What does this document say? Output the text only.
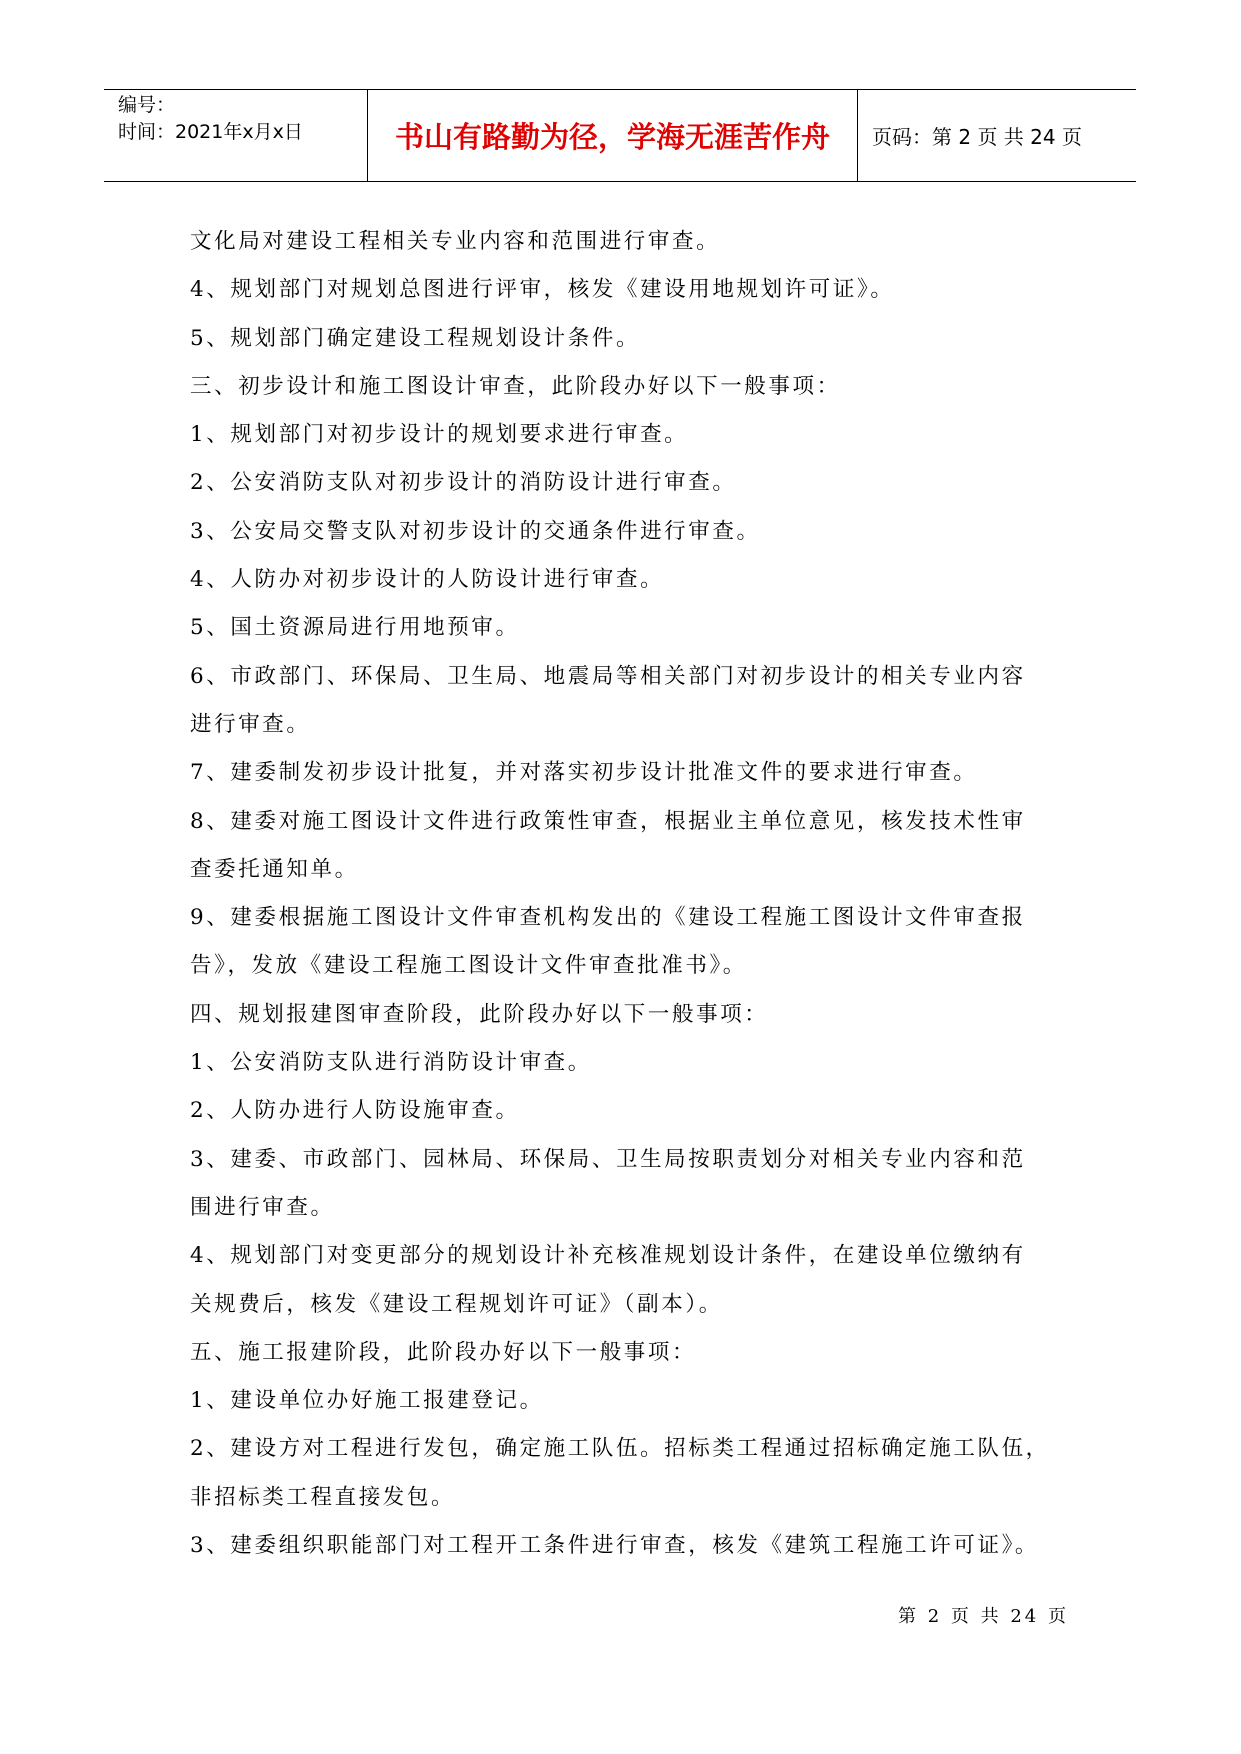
编号：
时间：2021年x月x日	书山有路勤为径，学海无涯苦作舟 页码：第 2 页 共 24 页

文化局对建设工程相关专业内容和范围进行审查。

4、规划部门对规划总图进行评审，核发《建设用地规划许可证》。

5、规划部门确定建设工程规划设计条件。

三、初步设计和施工图设计审查，此阶段办好以下一般事项：

1、规划部门对初步设计的规划要求进行审查。

2、公安消防支队对初步设计的消防设计进行审查。

3、公安局交警支队对初步设计的交通条件进行审查。

4、人防办对初步设计的人防设计进行审查。

5、国土资源局进行用地预审。

6、市政部门、环保局、卫生局、地震局等相关部门对初步设计的相关专业内容

进行审查。

7、建委制发初步设计批复，并对落实初步设计批准文件的要求进行审查。

8、建委对施工图设计文件进行政策性审查，根据业主单位意见，核发技术性审

查委托通知单。

9、建委根据施工图设计文件审查机构发出的《建设工程施工图设计文件审查报

告》，发放《建设工程施工图设计文件审查批准书》。

四、规划报建图审查阶段，此阶段办好以下一般事项：

1、公安消防支队进行消防设计审查。

2、人防办进行人防设施审查。

3、建委、市政部门、园林局、环保局、卫生局按职责划分对相关专业内容和范

围进行审查。

4、规划部门对变更部分的规划设计补充核准规划设计条件，在建设单位缴纳有

关规费后，核发《建设工程规划许可证》（副本）。

五、施工报建阶段，此阶段办好以下一般事项：

1、建设单位办好施工报建登记。

2、建设方对工程进行发包，确定施工队伍。招标类工程通过招标确定施工队伍，

非招标类工程直接发包。

3、建委组织职能部门对工程开工条件进行审查，核发《建筑工程施工许可证》。

第 2 页 共 24 页
